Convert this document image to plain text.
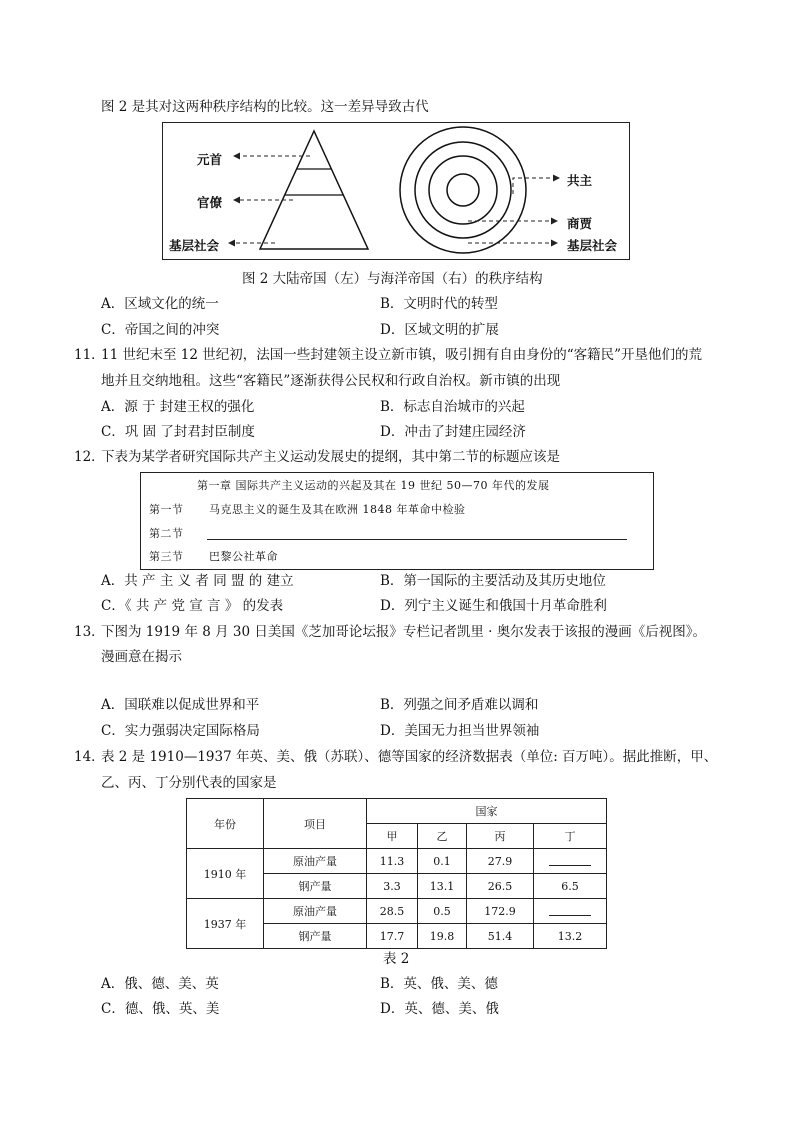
图 2 是其对这两种秩序结构的比较。这一差异导致古代
元首
官僚
基层社会
共主
商贾
基层社会
图 2 大陆帝国（左）与海洋帝国（右）的秩序结构
A．区域文化的统一	B．文明时代的转型
C．帝国之间的冲突	D．区域文明的扩展
11．
11 世纪末至 12 世纪初，法国一些封建领主设立新市镇，吸引拥有自由身份的“客籍民”开垦他们的荒
地并且交纳地租。这些“客籍民”逐渐获得公民权和行政自治权。新市镇的出现
A．源 于 封建王权的强化	B．标志自治城市的兴起
C．巩 固 了封君封臣制度	D．冲击了封建庄园经济
12．
下表为某学者研究国际共产主义运动发展史的提纲，其中第二节的标题应该是
第一章 国际共产主义运动的兴起及其在 19 世纪 50—70 年代的发展
第一节 马克思主义的诞生及其在欧洲 1848 年革命中检验
第二节
第三节 巴黎公社革命
A．共 产 主 义 者 同 盟 的 建立	B．第一国际的主要活动及其历史地位
C．《 共 产 党 宣 言 》 的发表	D．列宁主义诞生和俄国十月革命胜利
13．
下图为 1919 年 8 月 30 日美国《芝加哥论坛报》专栏记者凯里 · 奥尔发表于该报的漫画《后视图》。
漫画意在揭示
A．国联难以促成世界和平	B．列强之间矛盾难以调和
C．实力强弱决定国际格局	D．美国无力担当世界领袖
14．
表 2 是 1910—1937 年英、美、俄（苏联）、德等国家的经济数据表（单位: 百万吨）。据此推断，甲、
乙、丙、丁分别代表的国家是
年份	项目	国家			
		甲	乙	丙	丁
1910 年	原油产量	11.3	0.1	27.9	
	钢产量	3.3	13.1	26.5	6.5
1937 年	原油产量	28.5	0.5	172.9	
	钢产量	17.7	19.8	51.4	13.2
表 2
A．俄、德、美、英	B．英、俄、美、德
C．德、俄、英、美	D．英、德、美、俄
